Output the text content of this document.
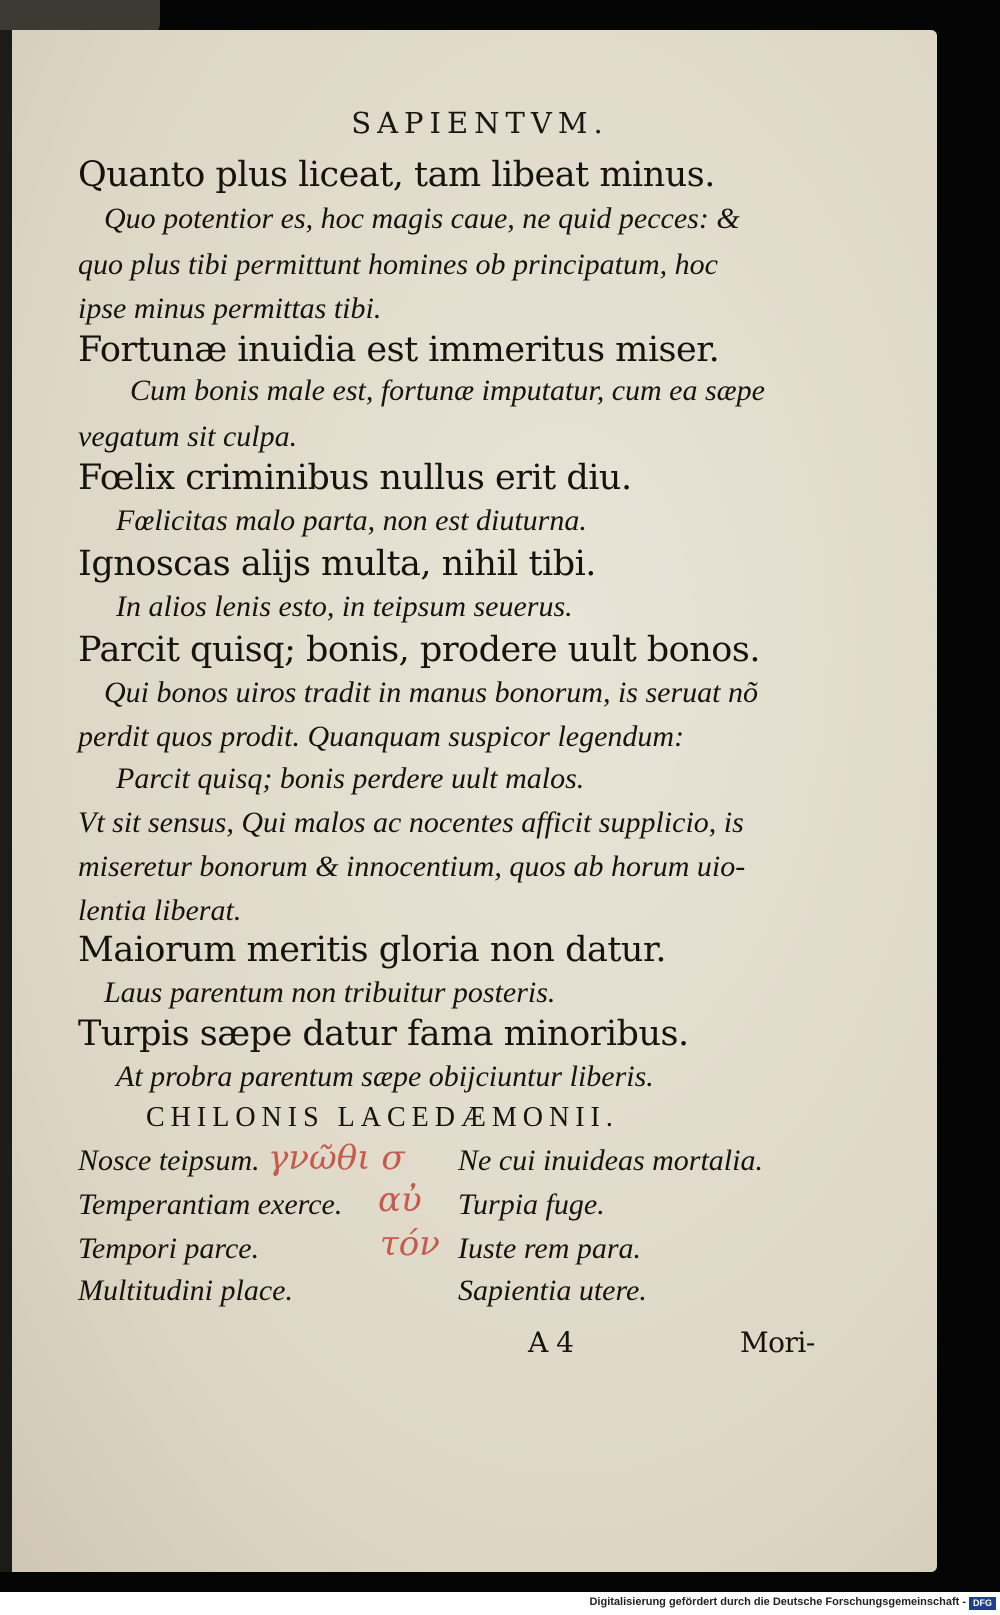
SAPIENTVM.
Quanto plus liceat, tam libeat minus.
Quo potentior es, hoc magis caue, ne quid pecces: &
quo plus tibi permittunt homines ob principatum, hoc
ipse minus permittas tibi.
Fortunæ inuidia est immeritus miser.
Cum bonis male est, fortunæ imputatur, cum ea sæpe
vegatum sit culpa.
Fœlix criminibus nullus erit diu.
Fœlicitas malo parta, non est diuturna.
Ignoscas alijs multa, nihil tibi.
In alios lenis esto, in teipsum seuerus.
Parcit quisq; bonis, prodere uult bonos.
Qui bonos uiros tradit in manus bonorum, is seruat nõ
perdit quos prodit. Quanquam suspicor legendum:
Parcit quisq; bonis perdere uult malos.
Vt sit sensus, Qui malos ac nocentes afficit supplicio, is
miseretur bonorum & innocentium, quos ab horum uio-
lentia liberat.
Maiorum meritis gloria non datur.
Laus parentum non tribuitur posteris.
Turpis sæpe datur fama minoribus.
At probra parentum sæpe obijciuntur liberis.
CHILONIS LACEDÆMONII.
Nosce teipsum.
Temperantiam exerce.
Tempori parce.
Multitudini place.
Ne cui inuideas mortalia.
Turpia fuge.
Iuste rem para.
Sapientia utere.
γνῶθι σ
αὐ
τόν
A 4	Mori-
Digitalisierung gefördert durch die Deutsche Forschungsgemeinschaft - DFG
